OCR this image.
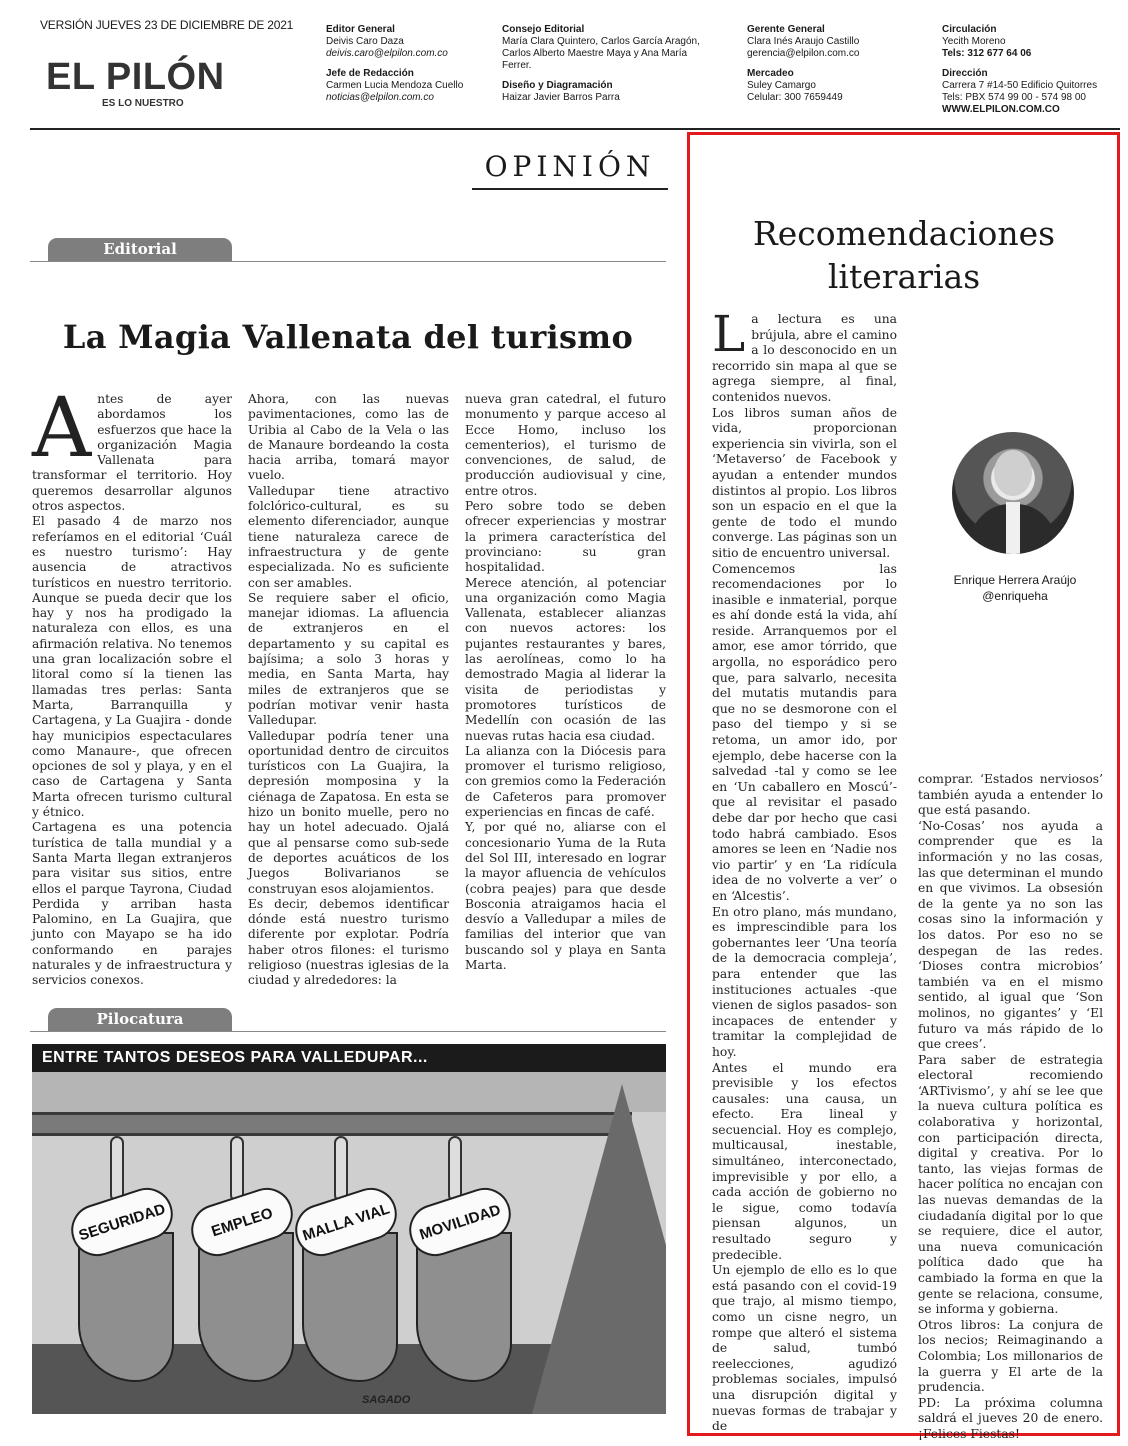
VERSIÓN JUEVES 23 DE DICIEMBRE DE 2021
EL PILÓN
ES LO NUESTRO
Editor General
Deivis Caro Daza
deivis.caro@elpilon.com.co
Jefe de Redacción
Carmen Lucia Mendoza Cuello
noticias@elpilon.com.co
Consejo Editorial
María Clara Quintero, Carlos García Aragón,
Carlos Alberto Maestre Maya y Ana María
Ferrer.
Diseño y Diagramación
Haizar Javier Barros Parra
Gerente General
Clara Inés Araujo Castillo
gerencia@elpilon.com.co
Mercadeo
Suley Camargo
Celular: 300 7659449
Circulación
Yecith Moreno
Tels: 312 677 64 06
Dirección
Carrera 7 #14-50 Edificio Quitorres
Tels: PBX 574 99 00 - 574 98 00
WWW.ELPILON.COM.CO
OPINIÓN
Editorial
La Magia Vallenata del turismo

Antes de ayer abordamos los esfuerzos que hace la organización Magia Vallenata para transformar el territorio. Hoy queremos desarrollar algunos otros aspectos.

El pasado 4 de marzo nos referíamos en el editorial ‘Cuál es nuestro turismo’: Hay ausencia de atractivos turísticos en nuestro territorio. Aunque se pueda decir que los hay y nos ha prodigado la naturaleza con ellos, es una afirmación relativa. No tenemos una gran localización sobre el litoral como sí la tienen las llamadas tres perlas: Santa Marta, Barranquilla y Cartagena, y La Guajira - donde hay municipios espectaculares como Manaure-, que ofrecen opciones de sol y playa, y en el caso de Cartagena y Santa Marta ofrecen turismo cultural y étnico.

Cartagena es una potencia turística de talla mundial y a Santa Marta llegan extranjeros para visitar sus sitios, entre ellos el parque Tayrona, Ciudad Perdida y arriban hasta Palomino, en La Guajira, que junto con Mayapo se ha ido conformando en parajes naturales y de infraestructura y servicios conexos.

Ahora, con las nuevas pavimentaciones, como las de Uribia al Cabo de la Vela o las de Manaure bordeando la costa hacia arriba, tomará mayor vuelo.

Valledupar tiene atractivo folclórico-cultural, es su elemento diferenciador, aunque tiene naturaleza carece de infraestructura y de gente especializada. No es suficiente con ser amables.

Se requiere saber el oficio, manejar idiomas. La afluencia de extranjeros en el departamento y su capital es bajísima; a solo 3 horas y media, en Santa Marta, hay miles de extranjeros que se podrían motivar venir hasta Valledupar.

Valledupar podría tener una oportunidad dentro de circuitos turísticos con La Guajira, la depresión momposina y la ciénaga de Zapatosa. En esta se hizo un bonito muelle, pero no hay un hotel adecuado. Ojalá que al pensarse como sub-sede de deportes acuáticos de los Juegos Bolivarianos se construyan esos alojamientos.

Es decir, debemos identificar dónde está nuestro turismo diferente por explotar. Podría haber otros filones: el turismo religioso (nuestras iglesias de la ciudad y alrededores: la

nueva gran catedral, el futuro monumento y parque acceso al Ecce Homo, incluso los cementerios), el turismo de convenciones, de salud, de producción audiovisual y cine, entre otros.

Pero sobre todo se deben ofrecer experiencias y mostrar la primera característica del provinciano: su gran hospitalidad.

Merece atención, al potenciar una organización como Magia Vallenata, establecer alianzas con nuevos actores: los pujantes restaurantes y bares, las aerolíneas, como lo ha demostrado Magia al liderar la visita de periodistas y promotores turísticos de Medellín con ocasión de las nuevas rutas hacia esa ciudad.

La alianza con la Diócesis para promover el turismo religioso, con gremios como la Federación de Cafeteros para promover experiencias en fincas de café.

Y, por qué no, aliarse con el concesionario Yuma de la Ruta del Sol III, interesado en lograr la mayor afluencia de vehículos (cobra peajes) para que desde Bosconia atraigamos hacia el desvío a Valledupar a miles de familias del interior que van buscando sol y playa en Santa Marta.

Pilocatura
ENTRE TANTOS DESEOS PARA VALLEDUPAR...
SEGURIDAD	EMPLEO	MALLA VIAL	MOVILIDAD
SAGADO
Recomendaciones
literarias

La lectura es una brújula, abre el camino a lo desconocido en un recorrido sin mapa al que se agrega siempre, al final, contenidos nuevos.

Los libros suman años de vida, proporcionan experiencia sin vivirla, son el ‘Metaverso’ de Facebook y ayudan a entender mundos distintos al propio. Los libros son un espacio en el que la gente de todo el mundo converge. Las páginas son un sitio de encuentro universal.

Comencemos las recomendaciones por lo inasible e inmaterial, porque es ahí donde está la vida, ahí reside. Arranquemos por el amor, ese amor tórrido, que argolla, no esporádico pero que, para salvarlo, necesita del mutatis mutandis para que no se desmorone con el paso del tiempo y si se retoma, un amor ido, por ejemplo, debe hacerse con la salvedad -tal y como se lee en ‘Un caballero en Moscú’- que al revisitar el pasado debe dar por hecho que casi todo habrá cambiado. Esos amores se leen en ‘Nadie nos vio partir’ y en ‘La ridícula idea de no volverte a ver’ o en ‘Alcestis’.

En otro plano, más mundano, es imprescindible para los gobernantes leer ‘Una teoría de la democracia compleja’, para entender que las instituciones actuales -que vienen de siglos pasados- son incapaces de entender y tramitar la complejidad de hoy.

Antes el mundo era previsible y los efectos causales: una causa, un efecto. Era lineal y secuencial. Hoy es complejo, multicausal, inestable, simultáneo, interconectado, imprevisible y por ello, a cada acción de gobierno no le sigue, como todavía piensan algunos, un resultado seguro y predecible.

Un ejemplo de ello es lo que está pasando con el covid-19 que trajo, al mismo tiempo, como un cisne negro, un rompe que alteró el sistema de salud, tumbó reelecciones, agudizó problemas sociales, impulsó una disrupción digital y nuevas formas de trabajar y de

Enrique Herrera Araújo
@enriqueha

comprar. ‘Estados nerviosos’ también ayuda a entender lo que está pasando.

‘No-Cosas’ nos ayuda a comprender que es la información y no las cosas, las que determinan el mundo en que vivimos. La obsesión de la gente ya no son las cosas sino la información y los datos. Por eso no se despegan de las redes. ‘Dioses contra microbios’ también va en el mismo sentido, al igual que ‘Son molinos, no gigantes’ y ‘El futuro va más rápido de lo que crees’.

Para saber de estrategia electoral recomiendo ‘ARTivismo’, y ahí se lee que la nueva cultura política es colaborativa y horizontal, con participación directa, digital y creativa. Por lo tanto, las viejas formas de hacer política no encajan con las nuevas demandas de la ciudadanía digital por lo que se requiere, dice el autor, una nueva comunicación política dado que ha cambiado la forma en que la gente se relaciona, consume, se informa y gobierna.

Otros libros: La conjura de los necios; Reimaginando a Colombia; Los millonarios de la guerra y El arte de la prudencia.

PD: La próxima columna saldrá el jueves 20 de enero. ¡Felices Fiestas!
